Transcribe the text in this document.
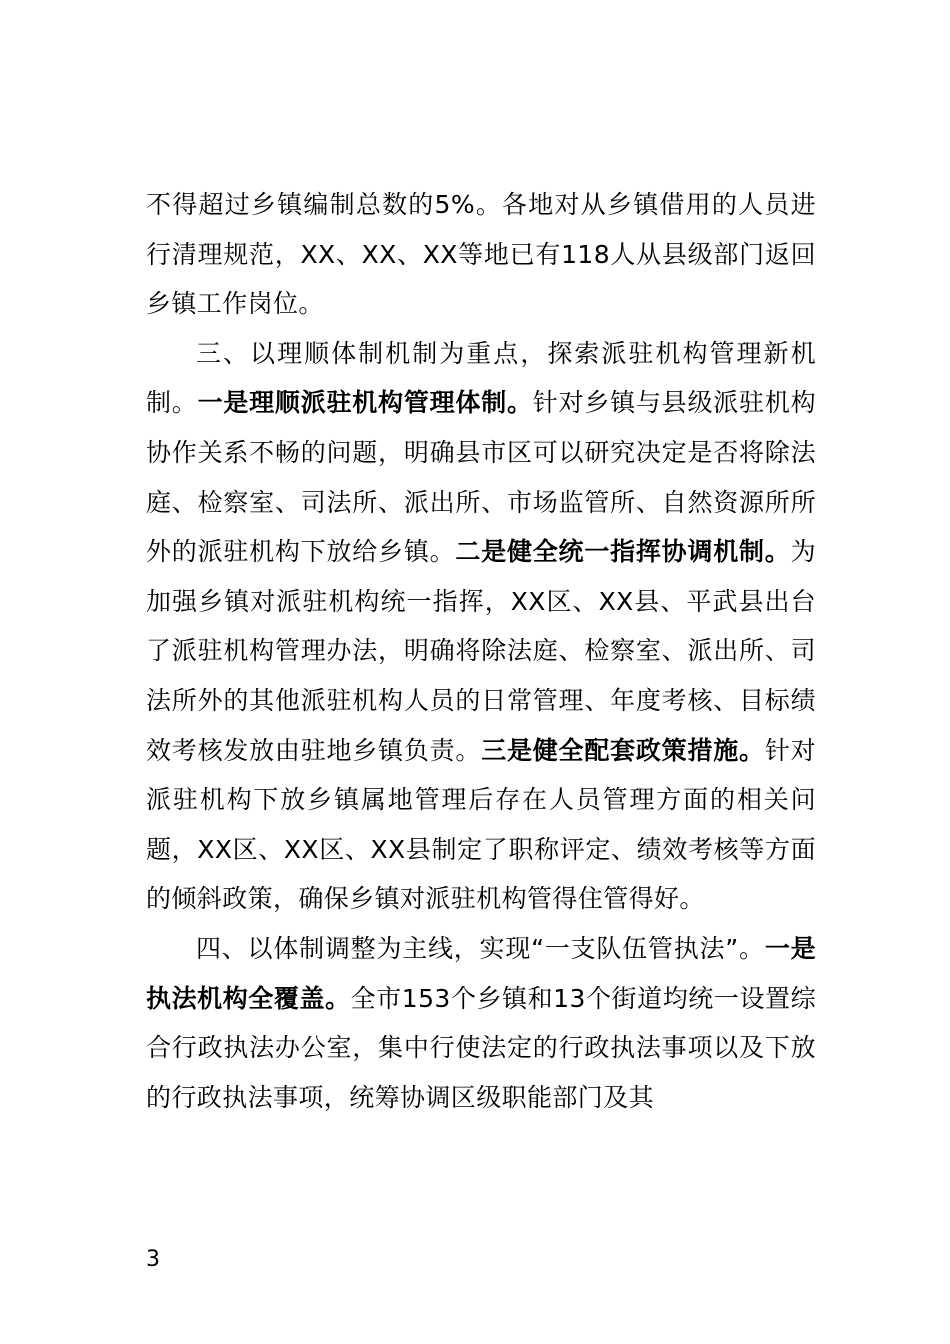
不得超过乡镇编制总数的5%。各地对从乡镇借用的人员进行清理规范，XX、XX、XX等地已有118人从县级部门返回乡镇工作岗位。

三、以理顺体制机制为重点，探索派驻机构管理新机制。一是理顺派驻机构管理体制。针对乡镇与县级派驻机构协作关系不畅的问题，明确县市区可以研究决定是否将除法庭、检察室、司法所、派出所、市场监管所、自然资源所所外的派驻机构下放给乡镇。二是健全统一指挥协调机制。为加强乡镇对派驻机构统一指挥，XX区、XX县、平武县出台了派驻机构管理办法，明确将除法庭、检察室、派出所、司法所外的其他派驻机构人员的日常管理、年度考核、目标绩效考核发放由驻地乡镇负责。三是健全配套政策措施。针对派驻机构下放乡镇属地管理后存在人员管理方面的相关问题，XX区、XX区、XX县制定了职称评定、绩效考核等方面的倾斜政策，确保乡镇对派驻机构管得住管得好。

四、以体制调整为主线，实现“一支队伍管执法”。一是执法机构全覆盖。全市153个乡镇和13个街道均统一设置综合行政执法办公室，集中行使法定的行政执法事项以及下放的行政执法事项，统筹协调区级职能部门及其

3
